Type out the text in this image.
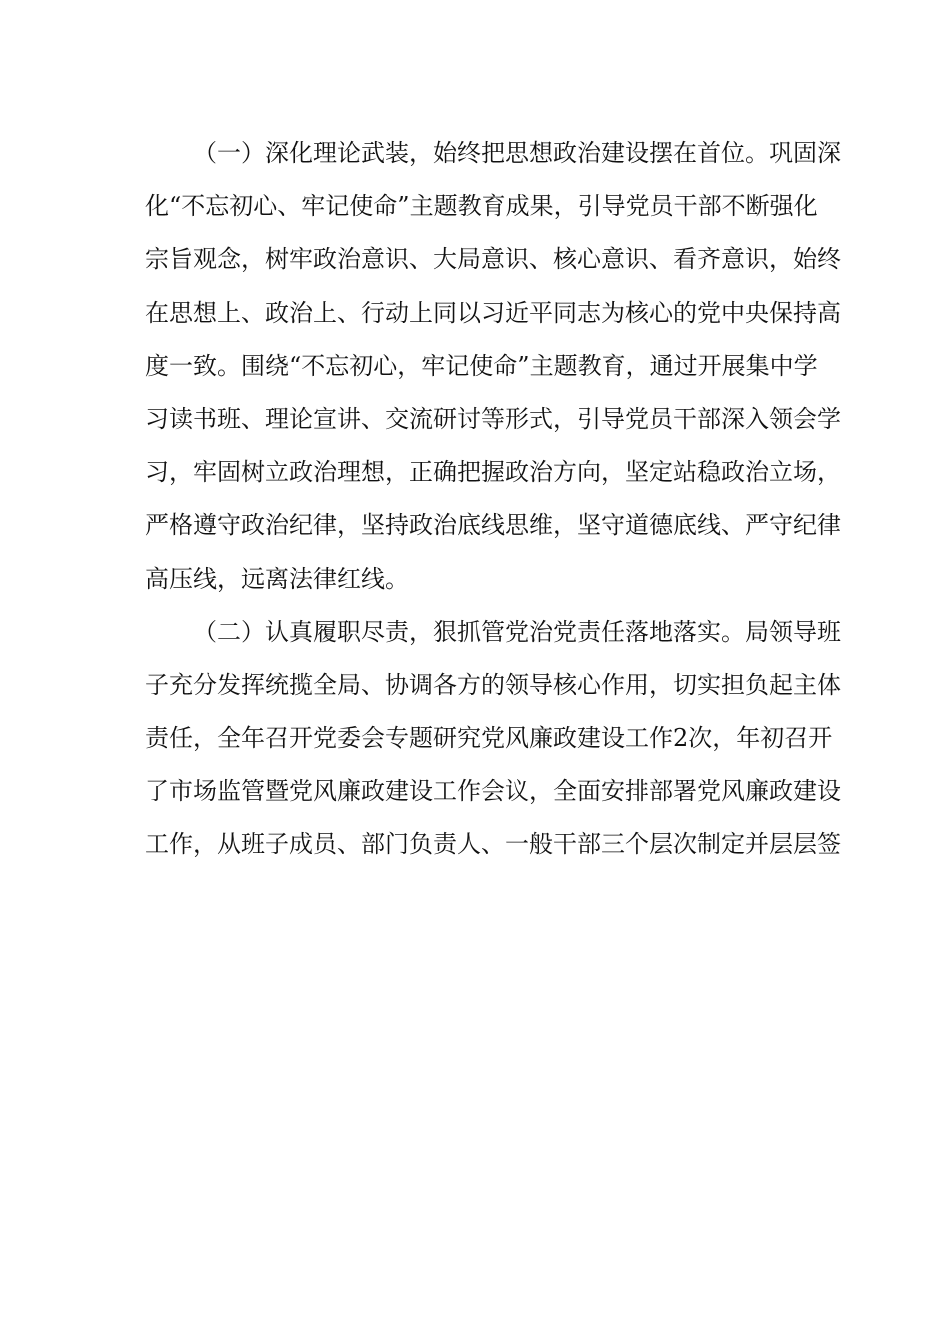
（ 一 ） 深 化 理 论 武 装 ， 始 终 把 思 想 政 治 建 设 摆 在 首 位 。 巩 固 深
化 “ 不 忘 初 心 、 牢 记 使 命 ” 主 题 教 育 成 果 ， 引 导 党 员 干 部 不 断 强 化
宗 旨 观 念 ， 树 牢 政 治 意 识 、 大 局 意 识 、 核 心 意 识 、 看 齐 意 识 ， 始 终
在 思 想 上 、 政 治 上 、 行 动 上 同 以 习 近 平 同 志 为 核 心 的 党 中 央 保 持 高
度 一 致 。 围 绕 “ 不 忘 初 心 ， 牢 记 使 命 ” 主 题 教 育 ， 通 过 开 展 集 中 学
习 读 书 班 、 理 论 宣 讲 、 交 流 研 讨 等 形 式 ， 引 导 党 员 干 部 深 入 领 会 学
习 ， 牢 固 树 立 政 治 理 想 ， 正 确 把 握 政 治 方 向 ， 坚 定 站 稳 政 治 立 场 ，
严 格 遵 守 政 治 纪 律 ， 坚 持 政 治 底 线 思 维 ， 坚 守 道 德 底 线 、 严 守 纪 律
高压线，远离法律红线。
（ 二 ） 认 真 履 职 尽 责 ， 狠 抓 管 党 治 党 责 任 落 地 落 实 。 局 领 导 班
子 充 分 发 挥 统 揽 全 局 、 协 调 各 方 的 领 导 核 心 作 用 ， 切 实 担 负 起 主 体
责 任 ， 全 年 召 开 党 委 会 专 题 研 究 党 风 廉 政 建 设 工 作 2 次 ， 年 初 召 开
了 市 场 监 管 暨 党 风 廉 政 建 设 工 作 会 议 ， 全 面 安 排 部 署 党 风 廉 政 建 设
工 作 ， 从 班 子 成 员 、 部 门 负 责 人 、 一 般 干 部 三 个 层 次 制 定 并 层 层 签
